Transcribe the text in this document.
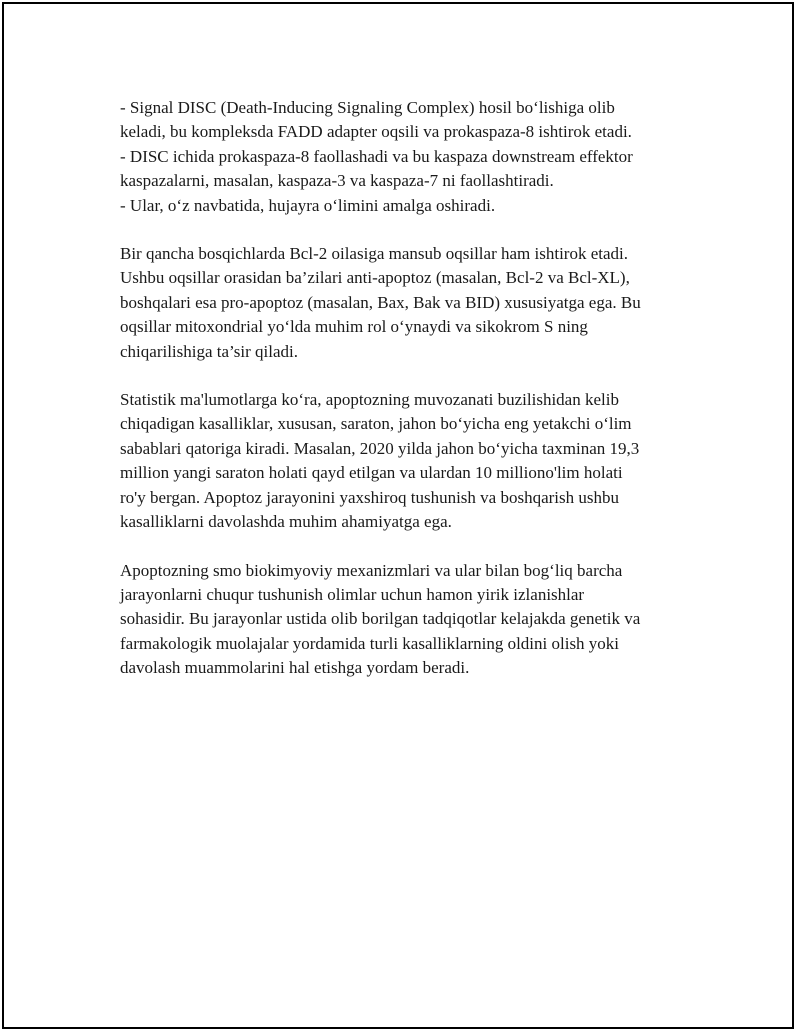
- Signal DISC (Death-Inducing Signaling Complex) hosil bo‘lishiga olib
keladi, bu kompleksda FADD adapter oqsili va prokaspaza-8 ishtirok etadi.
- DISC ichida prokaspaza-8 faollashadi va bu kaspaza downstream effektor
kaspazalarni, masalan, kaspaza-3 va kaspaza-7 ni faollashtiradi.
- Ular, o‘z navbatida, hujayra o‘limini amalga oshiradi.

Bir qancha bosqichlarda Bcl-2 oilasiga mansub oqsillar ham ishtirok etadi.
Ushbu oqsillar orasidan ba’zilari anti-apoptoz (masalan, Bcl-2 va Bcl-XL),
boshqalari esa pro-apoptoz (masalan, Bax, Bak va BID) xususiyatga ega. Bu
oqsillar mitoxondrial yo‘lda muhim rol o‘ynaydi va sikokrom S ning
chiqarilishiga ta’sir qiladi.

Statistik ma'lumotlarga ko‘ra, apoptozning muvozanati buzilishidan kelib
chiqadigan kasalliklar, xususan, saraton, jahon bo‘yicha eng yetakchi o‘lim
sabablari qatoriga kiradi. Masalan, 2020 yilda jahon bo‘yicha taxminan 19,3
million yangi saraton holati qayd etilgan va ulardan 10 milliono'lim holati
ro'y bergan. Apoptoz jarayonini yaxshiroq tushunish va boshqarish ushbu
kasalliklarni davolashda muhim ahamiyatga ega.

Apoptozning smo biokimyoviy mexanizmlari va ular bilan bog‘liq barcha
jarayonlarni chuqur tushunish olimlar uchun hamon yirik izlanishlar
sohasidir. Bu jarayonlar ustida olib borilgan tadqiqotlar kelajakda genetik va
farmakologik muolajalar yordamida turli kasalliklarning oldini olish yoki
davolash muammolarini hal etishga yordam beradi.
